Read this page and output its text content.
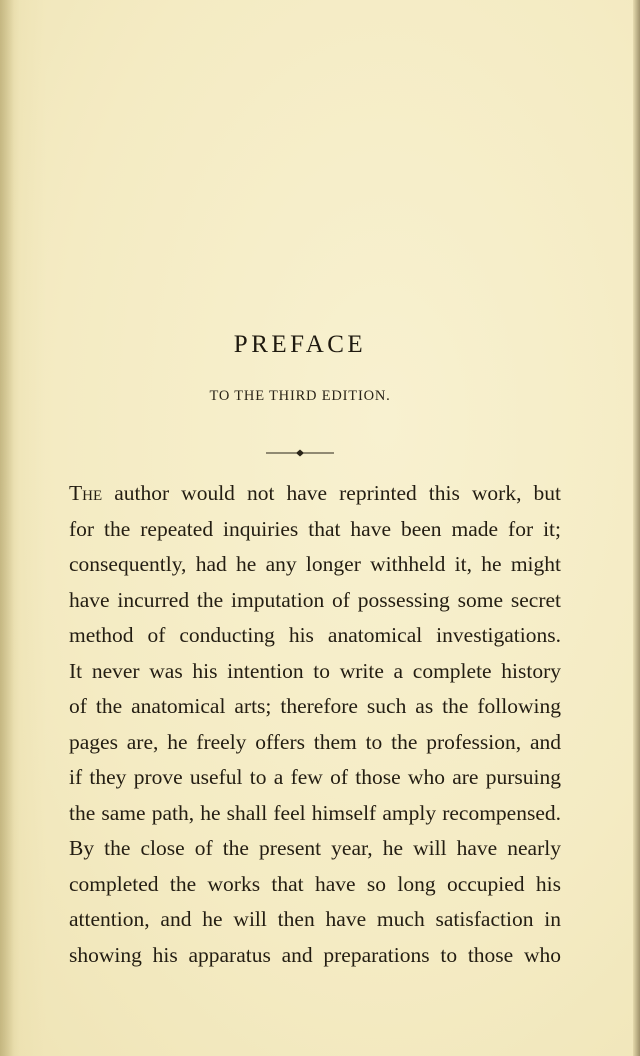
PREFACE
TO THE THIRD EDITION.
The author would not have reprinted this work, but
for the repeated inquiries that have been made for it;
consequently, had he any longer withheld it, he might
have incurred the imputation of possessing some secret
method of conducting his anatomical investigations.
It never was his intention to write a complete history
of the anatomical arts; therefore such as the following
pages are, he freely offers them to the profession, and
if they prove useful to a few of those who are pursuing
the same path, he shall feel himself amply recompensed.
By the close of the present year, he will have nearly
completed the works that have so long occupied his
attention, and he will then have much satisfaction in
showing his apparatus and preparations to those who
